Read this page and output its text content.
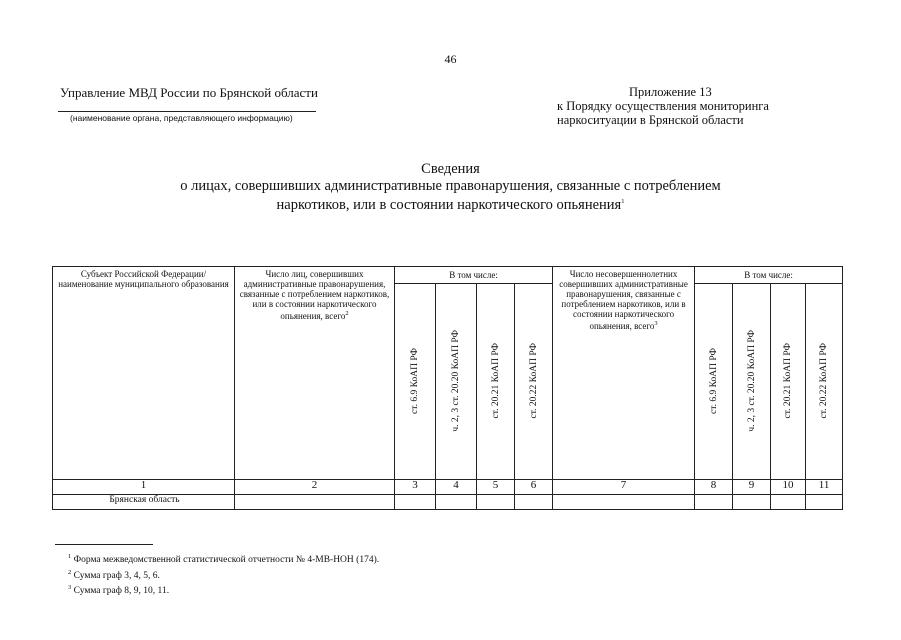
46
Управление МВД России по Брянской области
(наименование органа, представляющего информацию)
Приложение 13
к Порядку осуществления мониторинга
наркоситуации в Брянской области
Сведения
о лицах, совершивших административные правонарушения, связанные с потреблением
наркотиков, или в состоянии наркотического опьянения$^1$
Субъект Российской Федерации/ наименование муниципального образования	Число лиц, совершивших административные правонарушения, связанные с потреблением наркотиков, или в состоянии наркотического опьянения, всего$^2$	В том числе:				Число несовершеннолетних совершивших административные правонарушения, связанные с потреблением наркотиков, или в состоянии наркотического опьянения, всего$^3$	В том числе:			
		ст. 6.9 КоАП РФ	ч. 2, 3 ст. 20.20 КоАП РФ	ст. 20.21 КоАП РФ	ст. 20.22 КоАП РФ		ст. 6.9 КоАП РФ	ч. 2, 3 ст. 20.20 КоАП РФ	ст. 20.21 КоАП РФ	ст. 20.22 КоАП РФ
1	2	3	4	5	6	7	8	9	10	11
Брянская область										
$^1$ Форма межведомственной статистической отчетности № 4-МВ-НОН (174).
$^2$ Сумма граф 3, 4, 5, 6.
$^3$ Сумма граф 8, 9, 10, 11.
